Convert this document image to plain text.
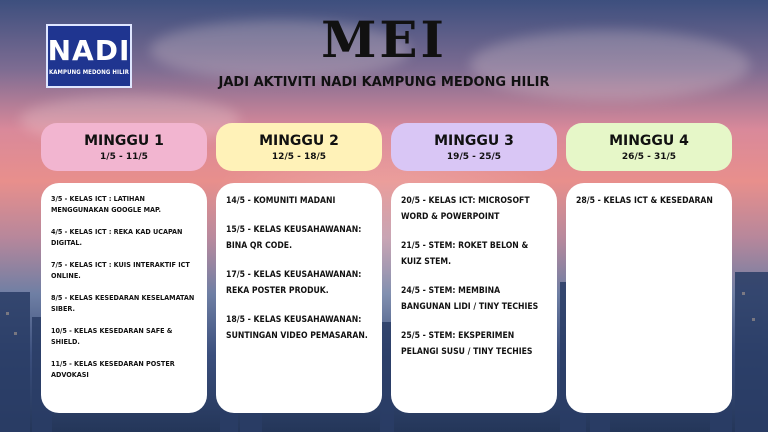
NADI
KAMPUNG MEDONG HILIR
MEI
JADI AKTIVITI NADI KAMPUNG MEDONG HILIR
MINGGU 1
1/5 - 11/5
MINGGU 2
12/5 - 18/5
MINGGU 3
19/5 - 25/5
MINGGU 4
26/5 - 31/5
3/5 - KELAS ICT : LATIHAN MENGGUNAKAN GOOGLE MAP.
4/5 - KELAS ICT : REKA KAD UCAPAN DIGITAL.
7/5 - KELAS ICT : KUIS INTERAKTIF ICT ONLINE.
8/5 - KELAS KESEDARAN KESELAMATAN SIBER.
10/5 - KELAS KESEDARAN SAFE & SHIELD.
11/5 - KELAS KESEDARAN POSTER ADVOKASI
14/5 - KOMUNITI MADANI
15/5 - KELAS KEUSAHAWANAN: BINA QR CODE.
17/5 - KELAS KEUSAHAWANAN: REKA POSTER PRODUK.
18/5 - KELAS KEUSAHAWANAN: SUNTINGAN VIDEO PEMASARAN.
20/5 - KELAS ICT: MICROSOFT WORD & POWERPOINT
21/5 - STEM: ROKET BELON & KUIZ STEM.
24/5 - STEM: MEMBINA BANGUNAN LIDI / TINY TECHIES
25/5 - STEM: EKSPERIMEN PELANGI SUSU / TINY TECHIES
28/5 - KELAS ICT & KESEDARAN
